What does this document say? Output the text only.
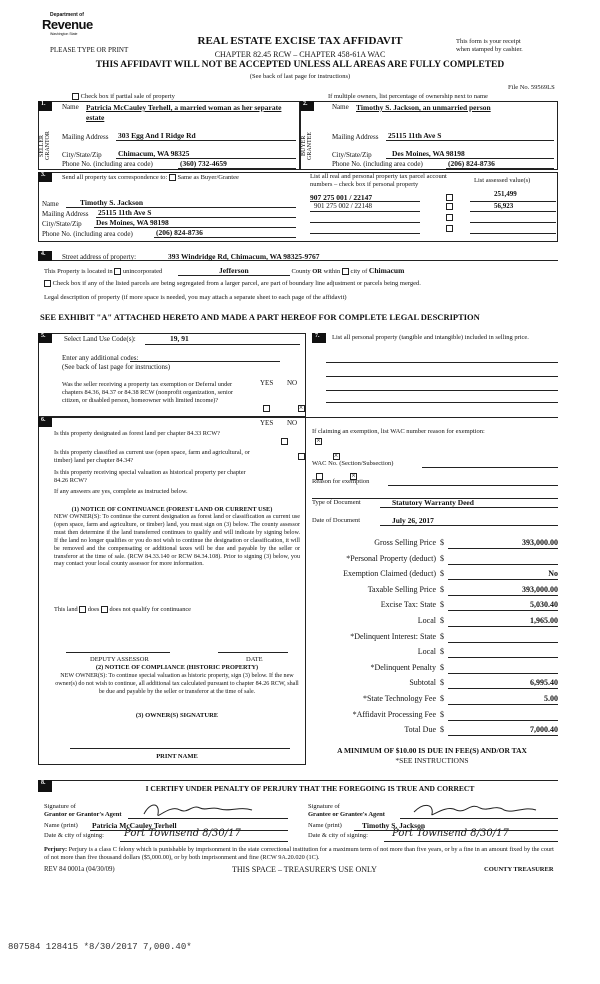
Department of
Revenue
Washington State
PLEASE TYPE OR PRINT
REAL ESTATE EXCISE TAX AFFIDAVIT
CHAPTER 82.45 RCW – CHAPTER 458-61A WAC
THIS AFFIDAVIT WILL NOT BE ACCEPTED UNLESS ALL AREAS ARE FULLY COMPLETED
(See back of last page for instructions)
This form is your receipt
when stamped by cashier.
File No. 59569LS
Check box if partial sale of property	If multiple owners, list percentage of ownership next to name
1.	2.
SELLER GRANTOR	BUYER GRANTEE
Name Patricia McCauley Terhell, a married woman as her separate estate
Mailing Address 303 Egg And I Ridge Rd
City/State/Zip Chimacum, WA 98325
Phone No. (including area code)	(360) 732-4659
Name Timothy S. Jackson, an unmarried person
Mailing Address 25115 11th Ave S
City/State/Zip	Des Moines, WA 98198
Phone No. (including area code)	(206) 824-8736
3.	Send all property tax correspondence to: Same as Buyer/Grantee	List all real and personal property tax parcel account
numbers – check box if personal property
List assessed value(s)
Name	Timothy S. Jackson
Mailing Address 25115 11th Ave S
City/State/Zip Des Moines, WA 98198
Phone No. (including area code)	(206) 824-8736
907 275 001 / 22147	251,499
901 275 002 / 22148	56,923
4.	Street address of property:	393 Windridge Rd, Chimacum, WA 98325-9767
This Property is located in unincorporated	Jefferson	County OR within city of Chimacum
Check box if any of the listed parcels are being segregated from a larger parcel, are part of boundary line adjustment or parcels being merged.
Legal description of property (if more space is needed, you may attach a separate sheet to each page of the affidavit)
SEE EXHIBIT "A" ATTACHED HERETO AND MADE A PART HEREOF FOR COMPLETE LEGAL DESCRIPTION
5.	Select Land Use Code(s):	19, 91
Enter any additional codes:
(See back of last page for instructions)
YES NO
Was the seller receiving a property tax exemption or Deferral under chapters 84.36, 84.37 or 84.38 RCW (nonprofit organization, senior citizen, or disabled person, homeowner with limited income)?
×
6.	YES NO
Is this property designated as forest land per chapter 84.33 RCW?
×
Is this property classified as current use (open space, farm and agricultural, or timber) land per chapter 84.34?
×
Is this property receiving special valuation as historical property per chapter 84.26 RCW?
×
If any answers are yes, complete as instructed below.
(1) NOTICE OF CONTINUANCE (FOREST LAND OR CURRENT USE)
NEW OWNER(S): To continue the current designation as forest land or classification as current use (open space, farm and agriculture, or timber) land, you must sign on (3) below. The county assessor must then determine if the land transferred continues to qualify and will indicate by signing below. If the land no longer qualifies or you do not wish to continue the designation or classification, it will be removed and the compensating or additional taxes will be due and payable by the seller or transferor at the time of sale. (RCW 84.33.140 or RCW 84.34.108). Prior to signing (3) below, you may contact your local county assessor for more information.
This land does does not qualify for continuance
DEPUTY ASSESSOR	DATE
(2) NOTICE OF COMPLIANCE (HISTORIC PROPERTY)
NEW OWNER(S): To continue special valuation as historic property, sign (3) below. If the new owner(s) do not wish to continue, all additional tax calculated pursuant to chapter 84.26 RCW, shall be due and payable by the seller or transferor at the time of sale.
(3) OWNER(S) SIGNATURE
PRINT NAME
7.	List all personal property (tangible and intangible) included in selling price.
If claiming an exemption, list WAC number reason for exemption:
WAC No. (Section/Subsection)
Reason for exemption
Type of Document	Statutory Warranty Deed
Date of Document	July 26, 2017
Gross Selling Price $	393,000.00
*Personal Property (deduct) $
Exemption Claimed (deduct) $	No
Taxable Selling Price $	393,000.00
Excise Tax: State $	5,030.40
Local $	1,965.00
*Delinquent Interest: State $
Local $
*Delinquent Penalty $
Subtotal $	6,995.40
*State Technology Fee $	5.00
*Affidavit Processing Fee $
Total Due $	7,000.40
A MINIMUM OF $10.00 IS DUE IN FEE(S) AND/OR TAX
*SEE INSTRUCTIONS
8.
I CERTIFY UNDER PENALTY OF PERJURY THAT THE FOREGOING IS TRUE AND CORRECT
Signature of
Grantor or Grantor's Agent
Name (print) Patricia McCauley Terhell
Date & city of signing: Port Townsend 8/30/17
Signature of
Grantee or Grantee's Agent
Name (print)	Timothy S. Jackson
Date & city of signing: Port Townsend 8/30/17
Perjury: Perjury is a class C felony which is punishable by imprisonment in the state correctional institution for a maximum term of not more than five years, or by a fine in an amount fixed by the court of not more than five thousand dollars ($5,000.00), or by both imprisonment and fine (RCW 9A.20.020 (1C).
REV 84 0001a (04/30/09)	THIS SPACE – TREASURER'S USE ONLY	COUNTY TREASURER
807584 128415 *8/30/2017 7,000.40*
